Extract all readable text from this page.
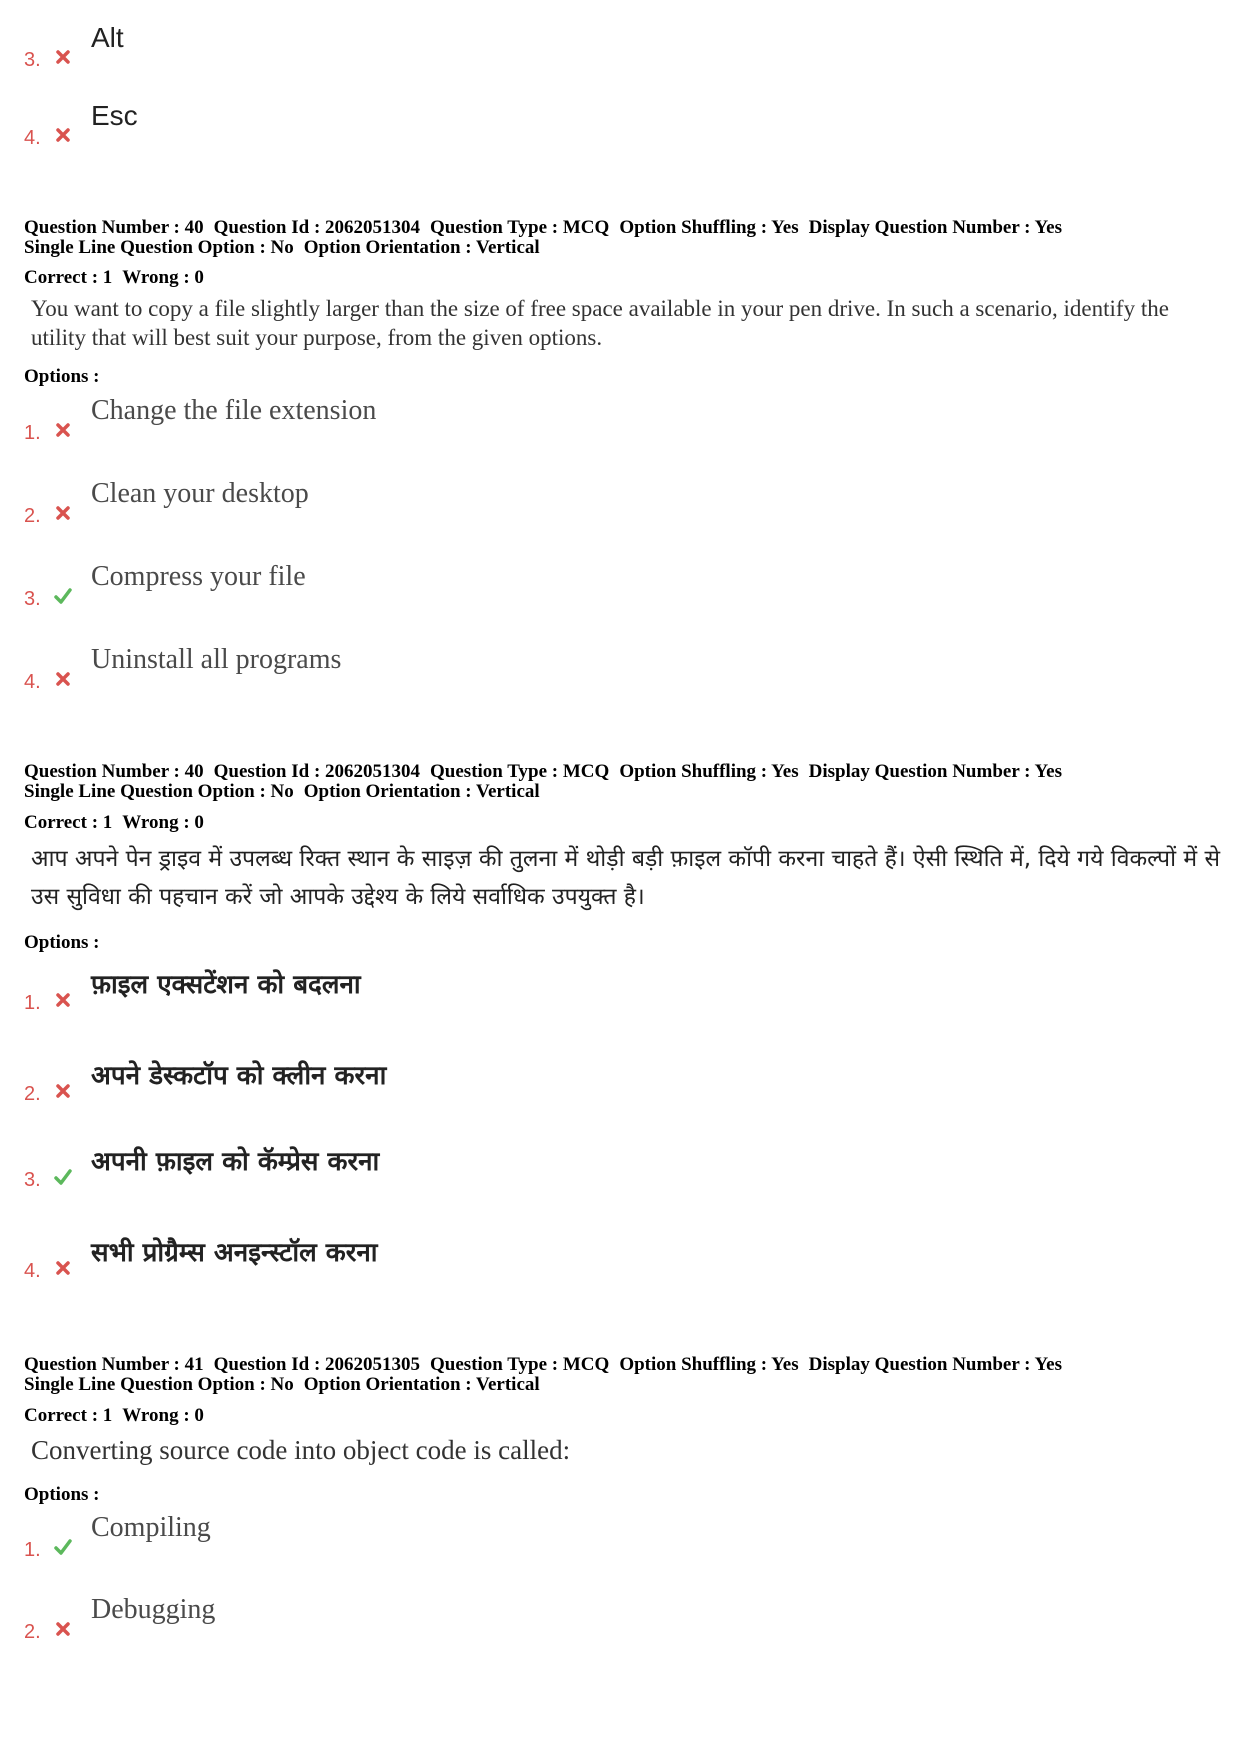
3.
Alt
4.
Esc
Question Number : 40 Question Id : 2062051304 Question Type : MCQ Option Shuffling : Yes Display Question Number : Yes
Single Line Question Option : No Option Orientation : Vertical
Correct : 1 Wrong : 0
You want to copy a file slightly larger than the size of free space available in your pen drive. In such a scenario, identify the utility that will best suit your purpose, from the given options.
Options :
1.
Change the file extension
2.
Clean your desktop
3.
Compress your file
4.
Uninstall all programs
Question Number : 40 Question Id : 2062051304 Question Type : MCQ Option Shuffling : Yes Display Question Number : Yes
Single Line Question Option : No Option Orientation : Vertical
Correct : 1 Wrong : 0
आप अपने पेन ड्राइव में उपलब्ध रिक्त स्थान के साइज़ की तुलना में थोड़ी बड़ी फ़ाइल कॉपी करना चाहते हैं। ऐसी स्थिति में, दिये गये विकल्पों में से उस सुविधा की पहचान करें जो आपके उद्देश्य के लिये सर्वाधिक उपयुक्त है।
Options :
1.
फ़ाइल एक्सटेंशन को बदलना
2.
अपने डेस्कटॉप को क्लीन करना
3.
अपनी फ़ाइल को कॅम्प्रेस करना
4.
सभी प्रोग्रैम्स अनइन्स्टॉल करना
Question Number : 41 Question Id : 2062051305 Question Type : MCQ Option Shuffling : Yes Display Question Number : Yes
Single Line Question Option : No Option Orientation : Vertical
Correct : 1 Wrong : 0
Converting source code into object code is called:
Options :
1.
Compiling
2.
Debugging
